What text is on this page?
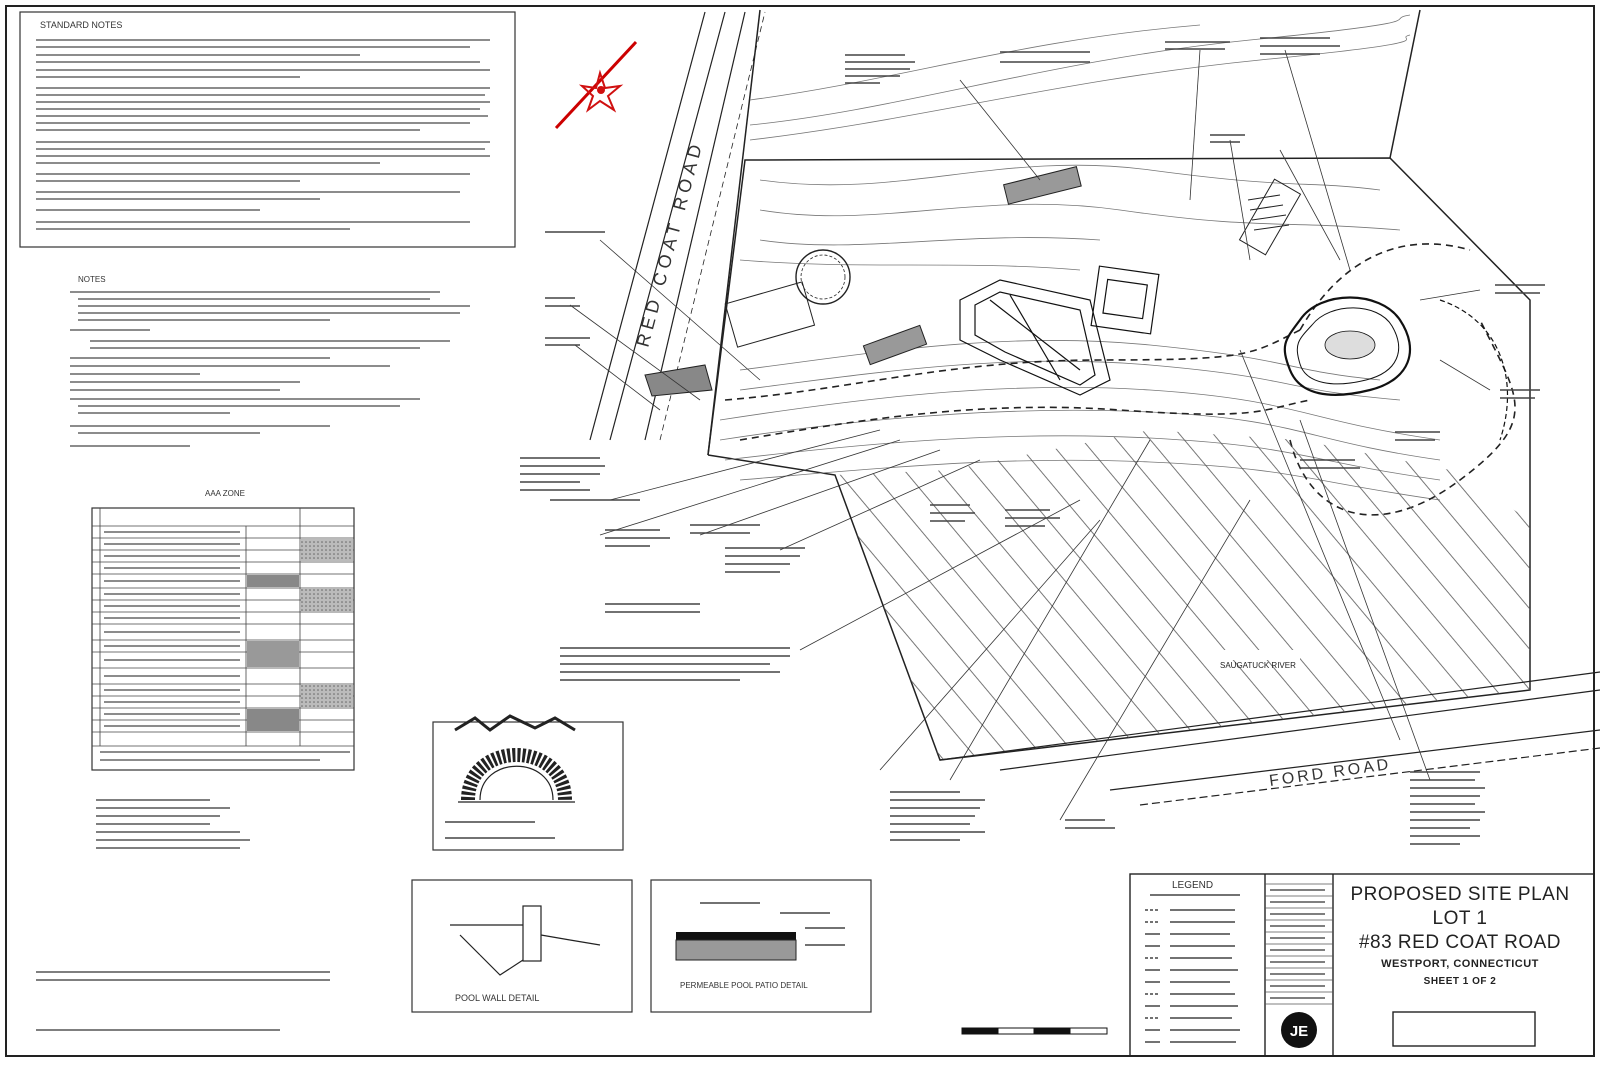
STANDARD NOTES
NOTES
AAA ZONE
RED COAT ROAD
FORD ROAD
SAUGATUCK RIVER
LEGEND
POOL WALL DETAIL
PERMEABLE POOL PATIO DETAIL
JE
PROPOSED SITE PLAN
LOT 1
#83 RED COAT ROAD
WESTPORT, CONNECTICUT
SHEET 1 OF 2
